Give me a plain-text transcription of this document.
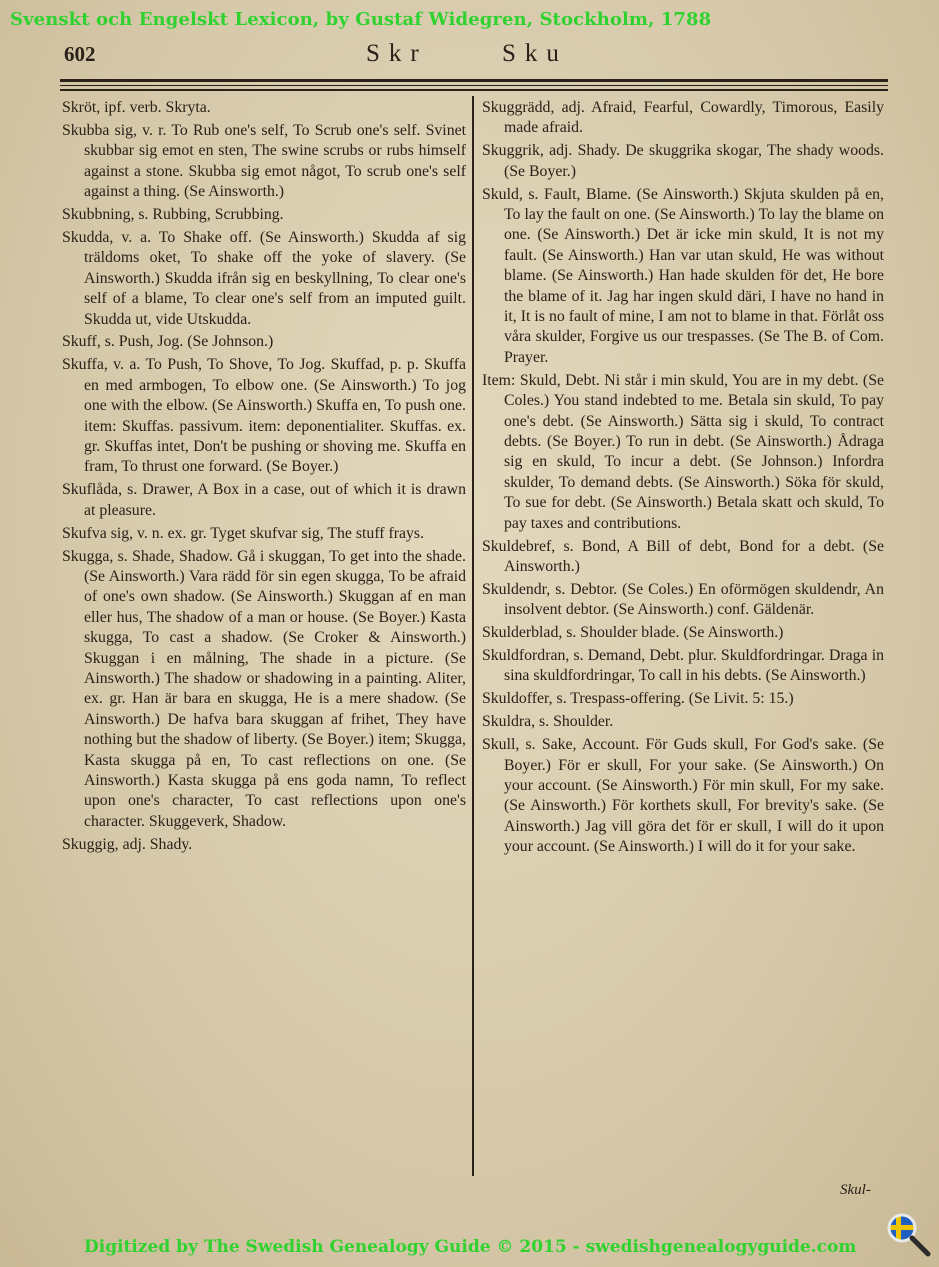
Svenskt och Engelskt Lexicon, by Gustaf Widegren, Stockholm, 1788
602	Skr	Sku

Skröt, ipf. verb. Skryta.

Skubba sig, v. r. To Rub one's self, To Scrub one's self. Svinet skubbar sig emot en sten, The swine scrubs or rubs himself against a stone. Skubba sig emot något, To scrub one's self against a thing. (Se Ainsworth.)

Skubbning, s. Rubbing, Scrubbing.

Skudda, v. a. To Shake off. (Se Ainsworth.) Skudda af sig träldoms oket, To shake off the yoke of slavery. (Se Ainsworth.) Skudda ifrån sig en beskyllning, To clear one's self of a blame, To clear one's self from an imputed guilt. Skudda ut, vide Utskudda.

Skuff, s. Push, Jog. (Se Johnson.)

Skuffa, v. a. To Push, To Shove, To Jog. Skuffad, p. p. Skuffa en med armbogen, To elbow one. (Se Ainsworth.) To jog one with the elbow. (Se Ainsworth.) Skuffa en, To push one. item: Skuffas. passivum. item: deponentialiter. Skuffas. ex. gr. Skuffas intet, Don't be pushing or shoving me. Skuffa en fram, To thrust one forward. (Se Boyer.)

Skuflåda, s. Drawer, A Box in a case, out of which it is drawn at pleasure.

Skufva sig, v. n. ex. gr. Tyget skufvar sig, The stuff frays.

Skugga, s. Shade, Shadow. Gå i skuggan, To get into the shade. (Se Ainsworth.) Vara rädd för sin egen skugga, To be afraid of one's own shadow. (Se Ainsworth.) Skuggan af en man eller hus, The shadow of a man or house. (Se Boyer.) Kasta skugga, To cast a shadow. (Se Croker & Ainsworth.) Skuggan i en målning, The shade in a picture. (Se Ainsworth.) The shadow or shadowing in a painting. Aliter, ex. gr. Han är bara en skugga, He is a mere shadow. (Se Ainsworth.) De hafva bara skuggan af frihet, They have nothing but the shadow of liberty. (Se Boyer.) item; Skugga, Kasta skugga på en, To cast reflections on one. (Se Ainsworth.) Kasta skugga på ens goda namn, To reflect upon one's character, To cast reflections upon one's character. Skuggeverk, Shadow.

Skuggig, adj. Shady.

Skuggrädd, adj. Afraid, Fearful, Cowardly, Timorous, Easily made afraid.

Skuggrik, adj. Shady. De skuggrika skogar, The shady woods. (Se Boyer.)

Skuld, s. Fault, Blame. (Se Ainsworth.) Skjuta skulden på en, To lay the fault on one. (Se Ainsworth.) To lay the blame on one. (Se Ainsworth.) Det är icke min skuld, It is not my fault. (Se Ainsworth.) Han var utan skuld, He was without blame. (Se Ainsworth.) Han hade skulden för det, He bore the blame of it. Jag har ingen skuld däri, I have no hand in it, It is no fault of mine, I am not to blame in that. Förlåt oss våra skulder, Forgive us our trespasses. (Se The B. of Com. Prayer.

Item: Skuld, Debt. Ni står i min skuld, You are in my debt. (Se Coles.) You stand indebted to me. Betala sin skuld, To pay one's debt. (Se Ainsworth.) Sätta sig i skuld, To contract debts. (Se Boyer.) To run in debt. (Se Ainsworth.) Ådraga sig en skuld, To incur a debt. (Se Johnson.) Infordra skulder, To demand debts. (Se Ainsworth.) Söka för skuld, To sue for debt. (Se Ainsworth.) Betala skatt och skuld, To pay taxes and contributions.

Skuldebref, s. Bond, A Bill of debt, Bond for a debt. (Se Ainsworth.)

Skuldendr, s. Debtor. (Se Coles.) En oförmögen skuldendr, An insolvent debtor. (Se Ainsworth.) conf. Gäldenär.

Skulderblad, s. Shoulder blade. (Se Ainsworth.)

Skuldfordran, s. Demand, Debt. plur. Skuldfordringar. Draga in sina skuldfordringar, To call in his debts. (Se Ainsworth.)

Skuldoffer, s. Trespass-offering. (Se Livit. 5: 15.)

Skuldra, s. Shoulder.

Skull, s. Sake, Account. För Guds skull, For God's sake. (Se Boyer.) För er skull, For your sake. (Se Ainsworth.) On your account. (Se Ainsworth.) För min skull, For my sake. (Se Ainsworth.) För korthets skull, For brevity's sake. (Se Ainsworth.) Jag vill göra det för er skull, I will do it upon your account. (Se Ainsworth.) I will do it for your sake.

Skul-
Digitized by The Swedish Genealogy Guide © 2015 - swedishgenealogyguide.com
